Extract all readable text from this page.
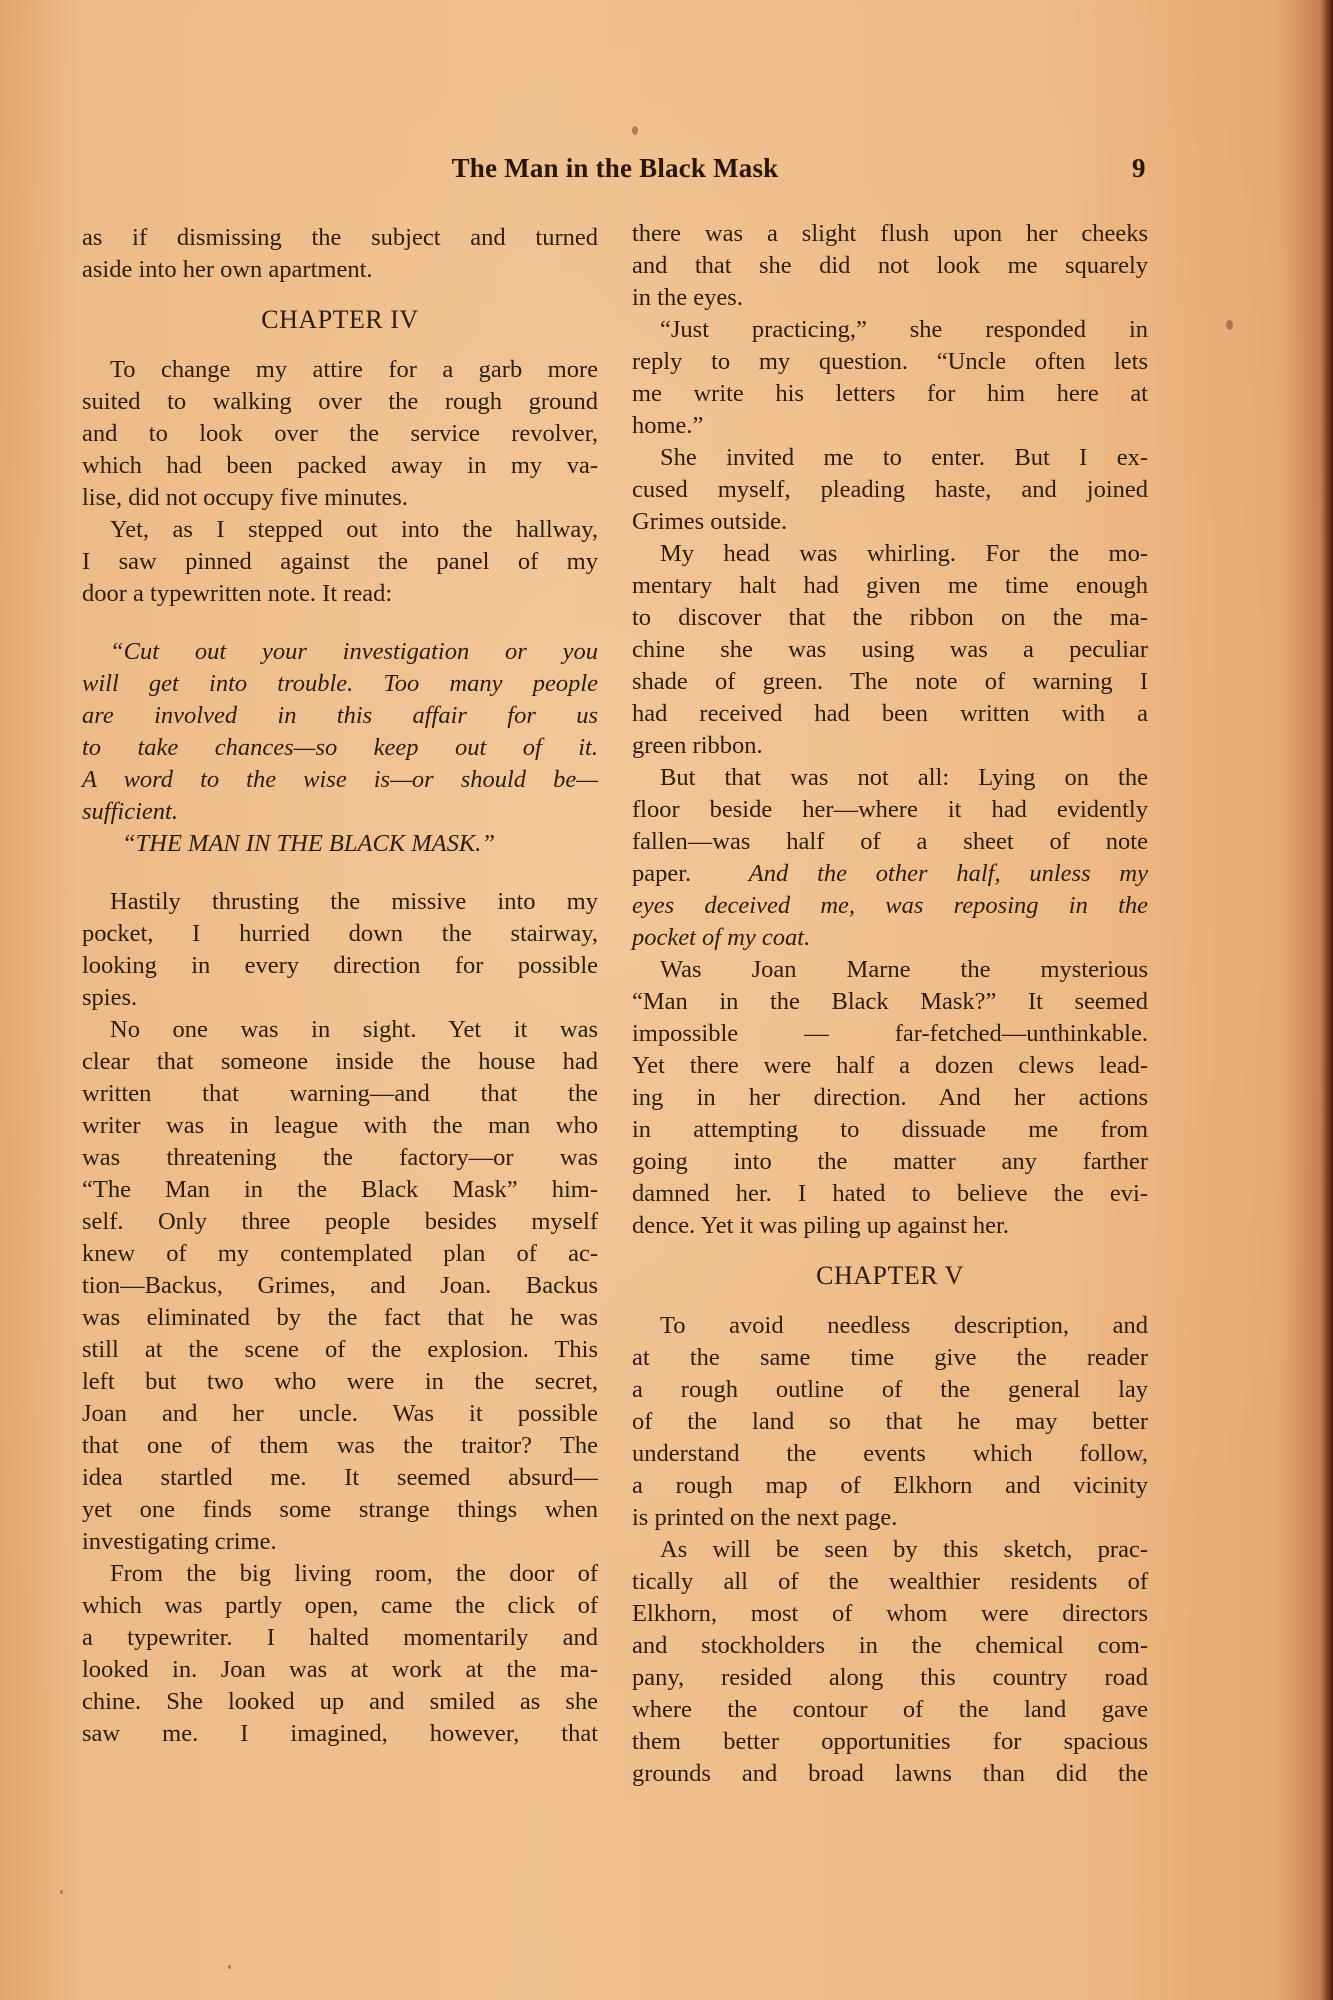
The Man in the Black Mask	9
as if dismissing the subject and turned
aside into her own apartment.
CHAPTER IV
To change my attire for a garb more
suited to walking over the rough ground
and to look over the service revolver,
which had been packed away in my va-
lise, did not occupy five minutes.
Yet, as I stepped out into the hallway,
I saw pinned against the panel of my
door a typewritten note. It read:
“Cut out your investigation or you
will get into trouble. Too many people
are involved in this affair for us
to take chances—so keep out of it.
A word to the wise is—or should be—
sufficient.
“THE MAN IN THE BLACK MASK.”
Hastily thrusting the missive into my
pocket, I hurried down the stairway,
looking in every direction for possible
spies.
No one was in sight. Yet it was
clear that someone inside the house had
written that warning—and that the
writer was in league with the man who
was threatening the factory—or was
“The Man in the Black Mask” him-
self. Only three people besides myself
knew of my contemplated plan of ac-
tion—Backus, Grimes, and Joan. Backus
was eliminated by the fact that he was
still at the scene of the explosion. This
left but two who were in the secret,
Joan and her uncle. Was it possible
that one of them was the traitor? The
idea startled me. It seemed absurd—
yet one finds some strange things when
investigating crime.
From the big living room, the door of
which was partly open, came the click of
a typewriter. I halted momentarily and
looked in. Joan was at work at the ma-
chine. She looked up and smiled as she
saw me. I imagined, however, that
there was a slight flush upon her cheeks
and that she did not look me squarely
in the eyes.
“Just practicing,” she responded in
reply to my question. “Uncle often lets
me write his letters for him here at
home.”
She invited me to enter. But I ex-
cused myself, pleading haste, and joined
Grimes outside.
My head was whirling. For the mo-
mentary halt had given me time enough
to discover that the ribbon on the ma-
chine she was using was a peculiar
shade of green. The note of warning I
had received had been written with a
green ribbon.
But that was not all: Lying on the
floor beside her—where it had evidently
fallen—was half of a sheet of note
paper.  And the other half, unless my
eyes deceived me, was reposing in the
pocket of my coat.
Was Joan Marne the mysterious
“Man in the Black Mask?” It seemed
impossible — far-fetched—unthinkable.
Yet there were half a dozen clews lead-
ing in her direction. And her actions
in attempting to dissuade me from
going into the matter any farther
damned her. I hated to believe the evi-
dence. Yet it was piling up against her.
CHAPTER V
To avoid needless description, and
at the same time give the reader
a rough outline of the general lay
of the land so that he may better
understand the events which follow,
a rough map of Elkhorn and vicinity
is printed on the next page.
As will be seen by this sketch, prac-
tically all of the wealthier residents of
Elkhorn, most of whom were directors
and stockholders in the chemical com-
pany, resided along this country road
where the contour of the land gave
them better opportunities for spacious
grounds and broad lawns than did the
